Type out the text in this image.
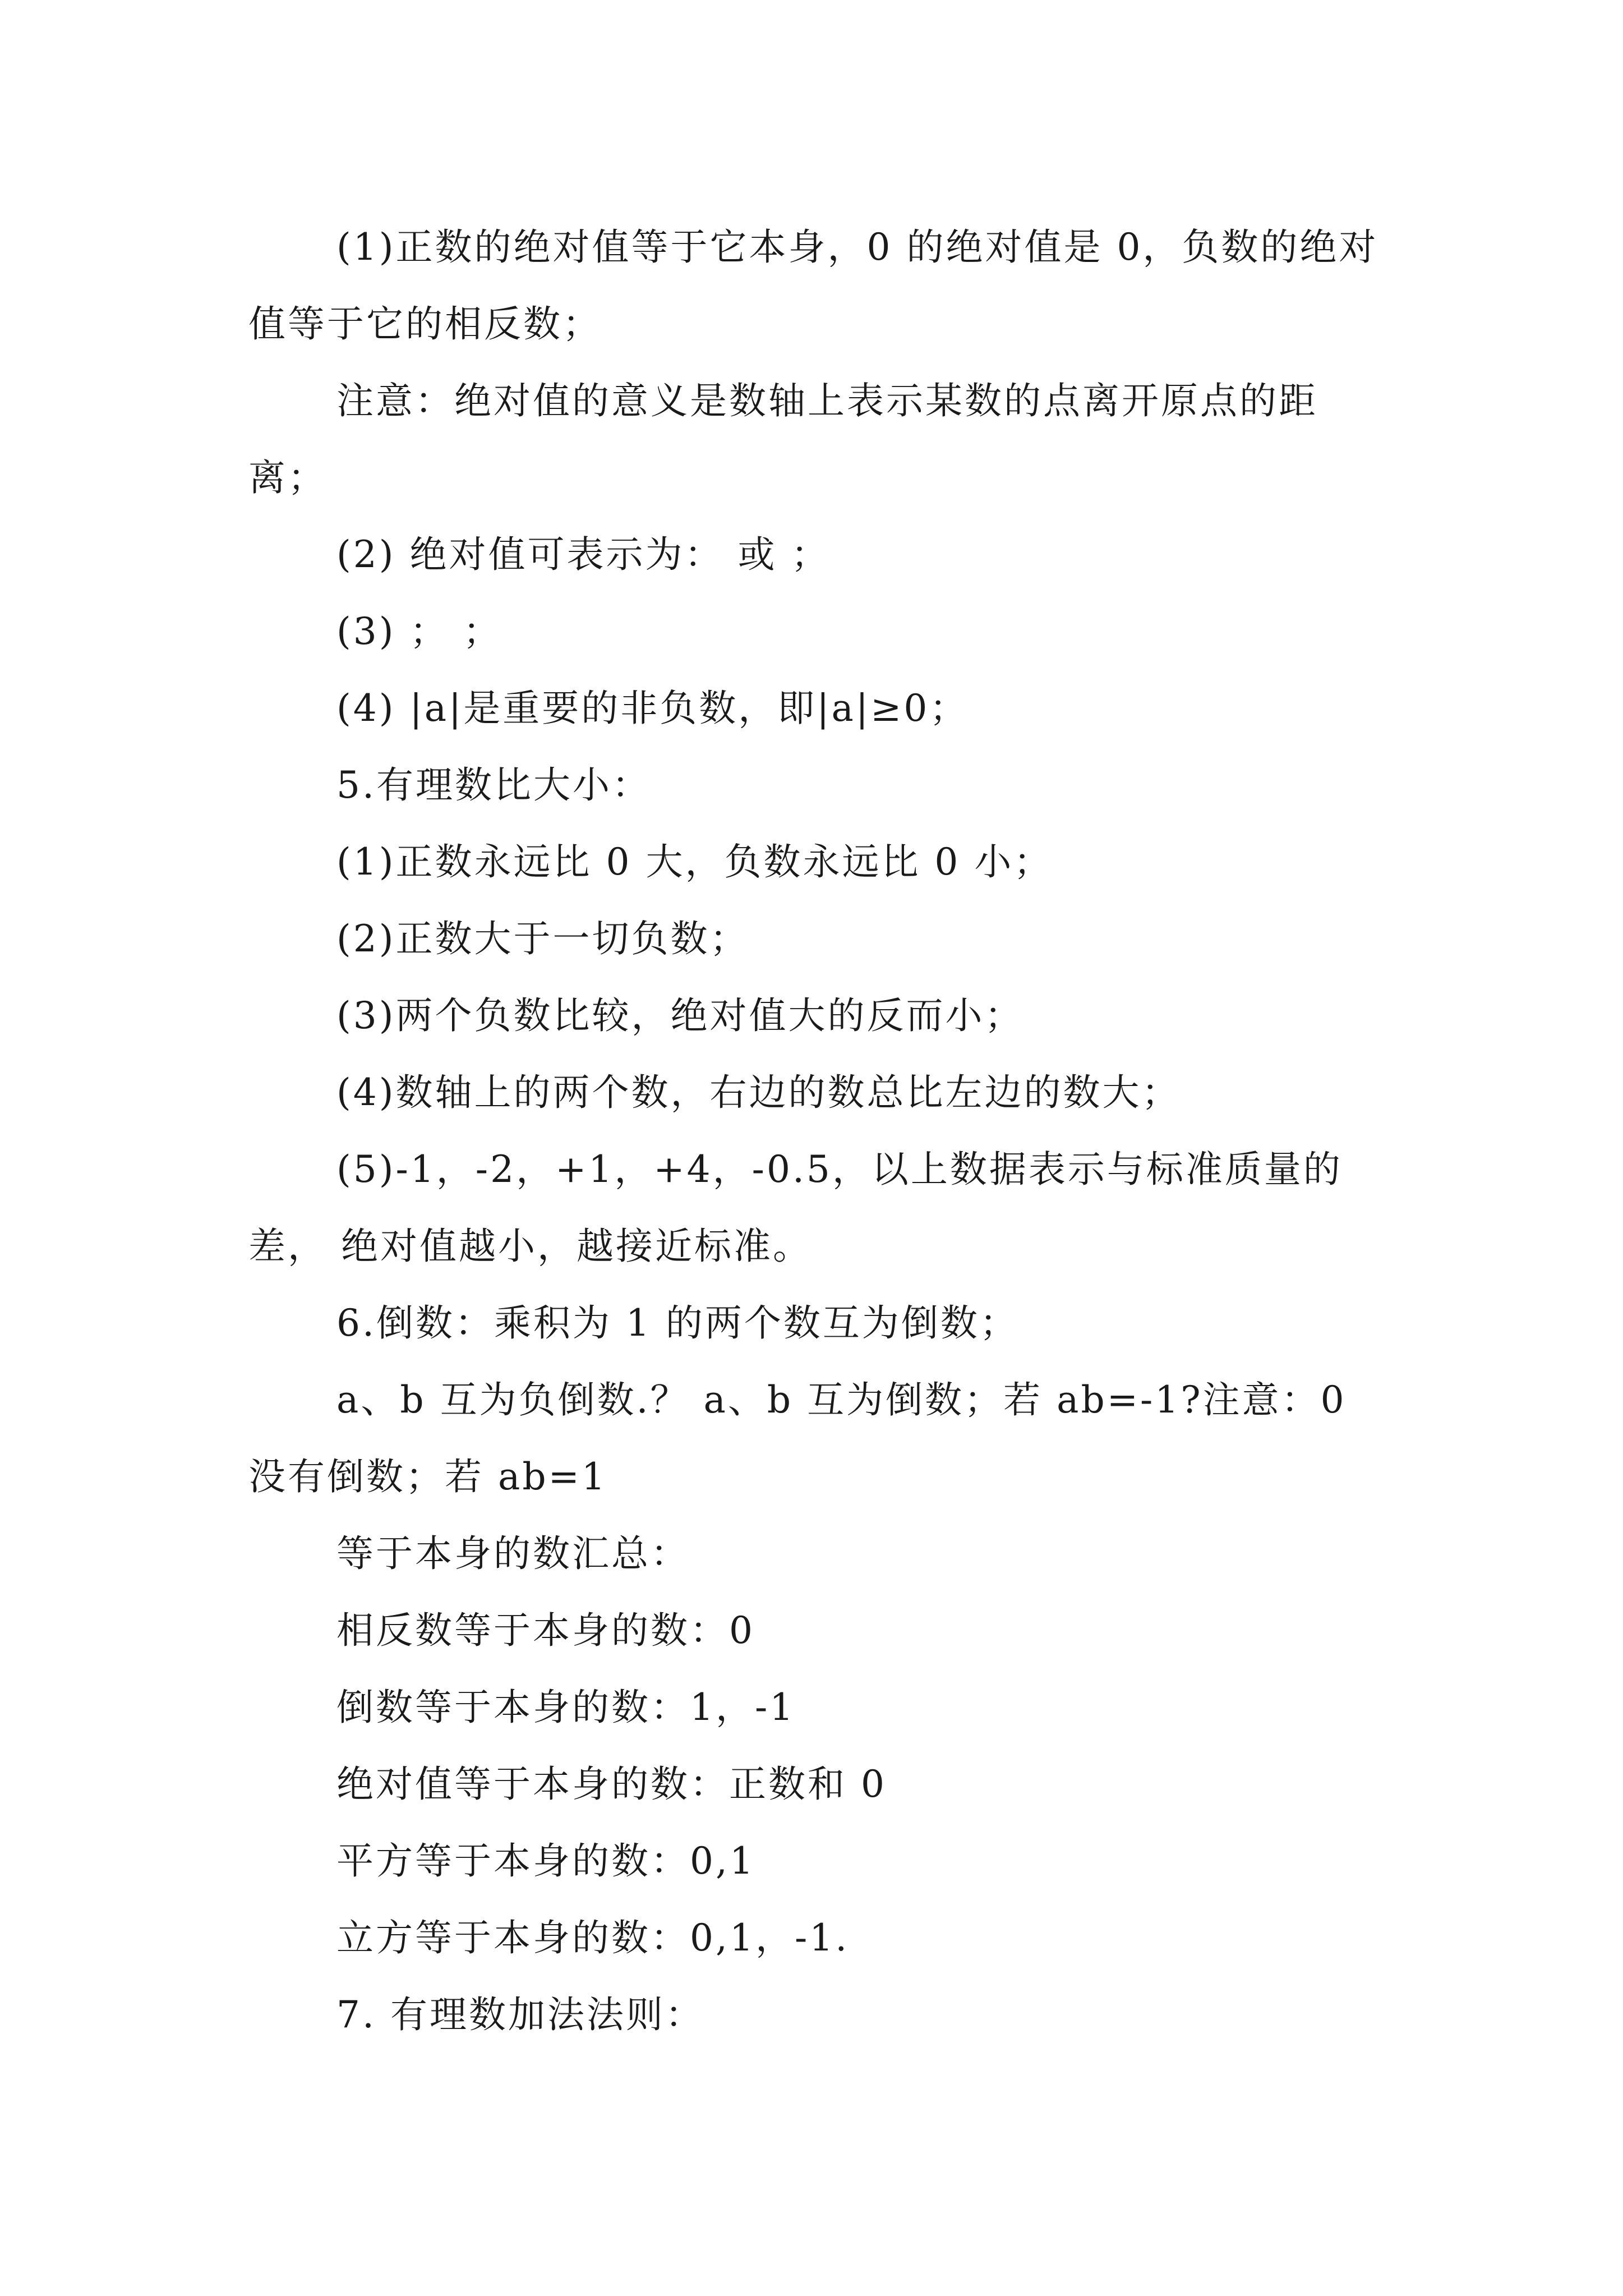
(1)正数的绝对值等于它本身，0 的绝对值是 0，负数的绝对值等于它的相反数；

注意：绝对值的意义是数轴上表示某数的点离开原点的距离；

(2) 绝对值可表示为： 或 ；

(3) ； ；

(4) |a|是重要的非负数，即|a|≥0；

5.有理数比大小：

(1)正数永远比 0 大，负数永远比 0 小；

(2)正数大于一切负数；

(3)两个负数比较，绝对值大的反而小；

(4)数轴上的两个数，右边的数总比左边的数大；

(5)-1，-2，+1，+4，-0.5，以上数据表示与标准质量的差， 绝对值越小，越接近标准。

6.倒数：乘积为 1 的两个数互为倒数；

a、b 互为负倒数.？ a、b 互为倒数；若 ab=-1?注意：0 没有倒数；若 ab=1

等于本身的数汇总：

相反数等于本身的数：0

倒数等于本身的数：1，-1

绝对值等于本身的数：正数和 0

平方等于本身的数：0,1

立方等于本身的数：0,1，-1.

7. 有理数加法法则：
